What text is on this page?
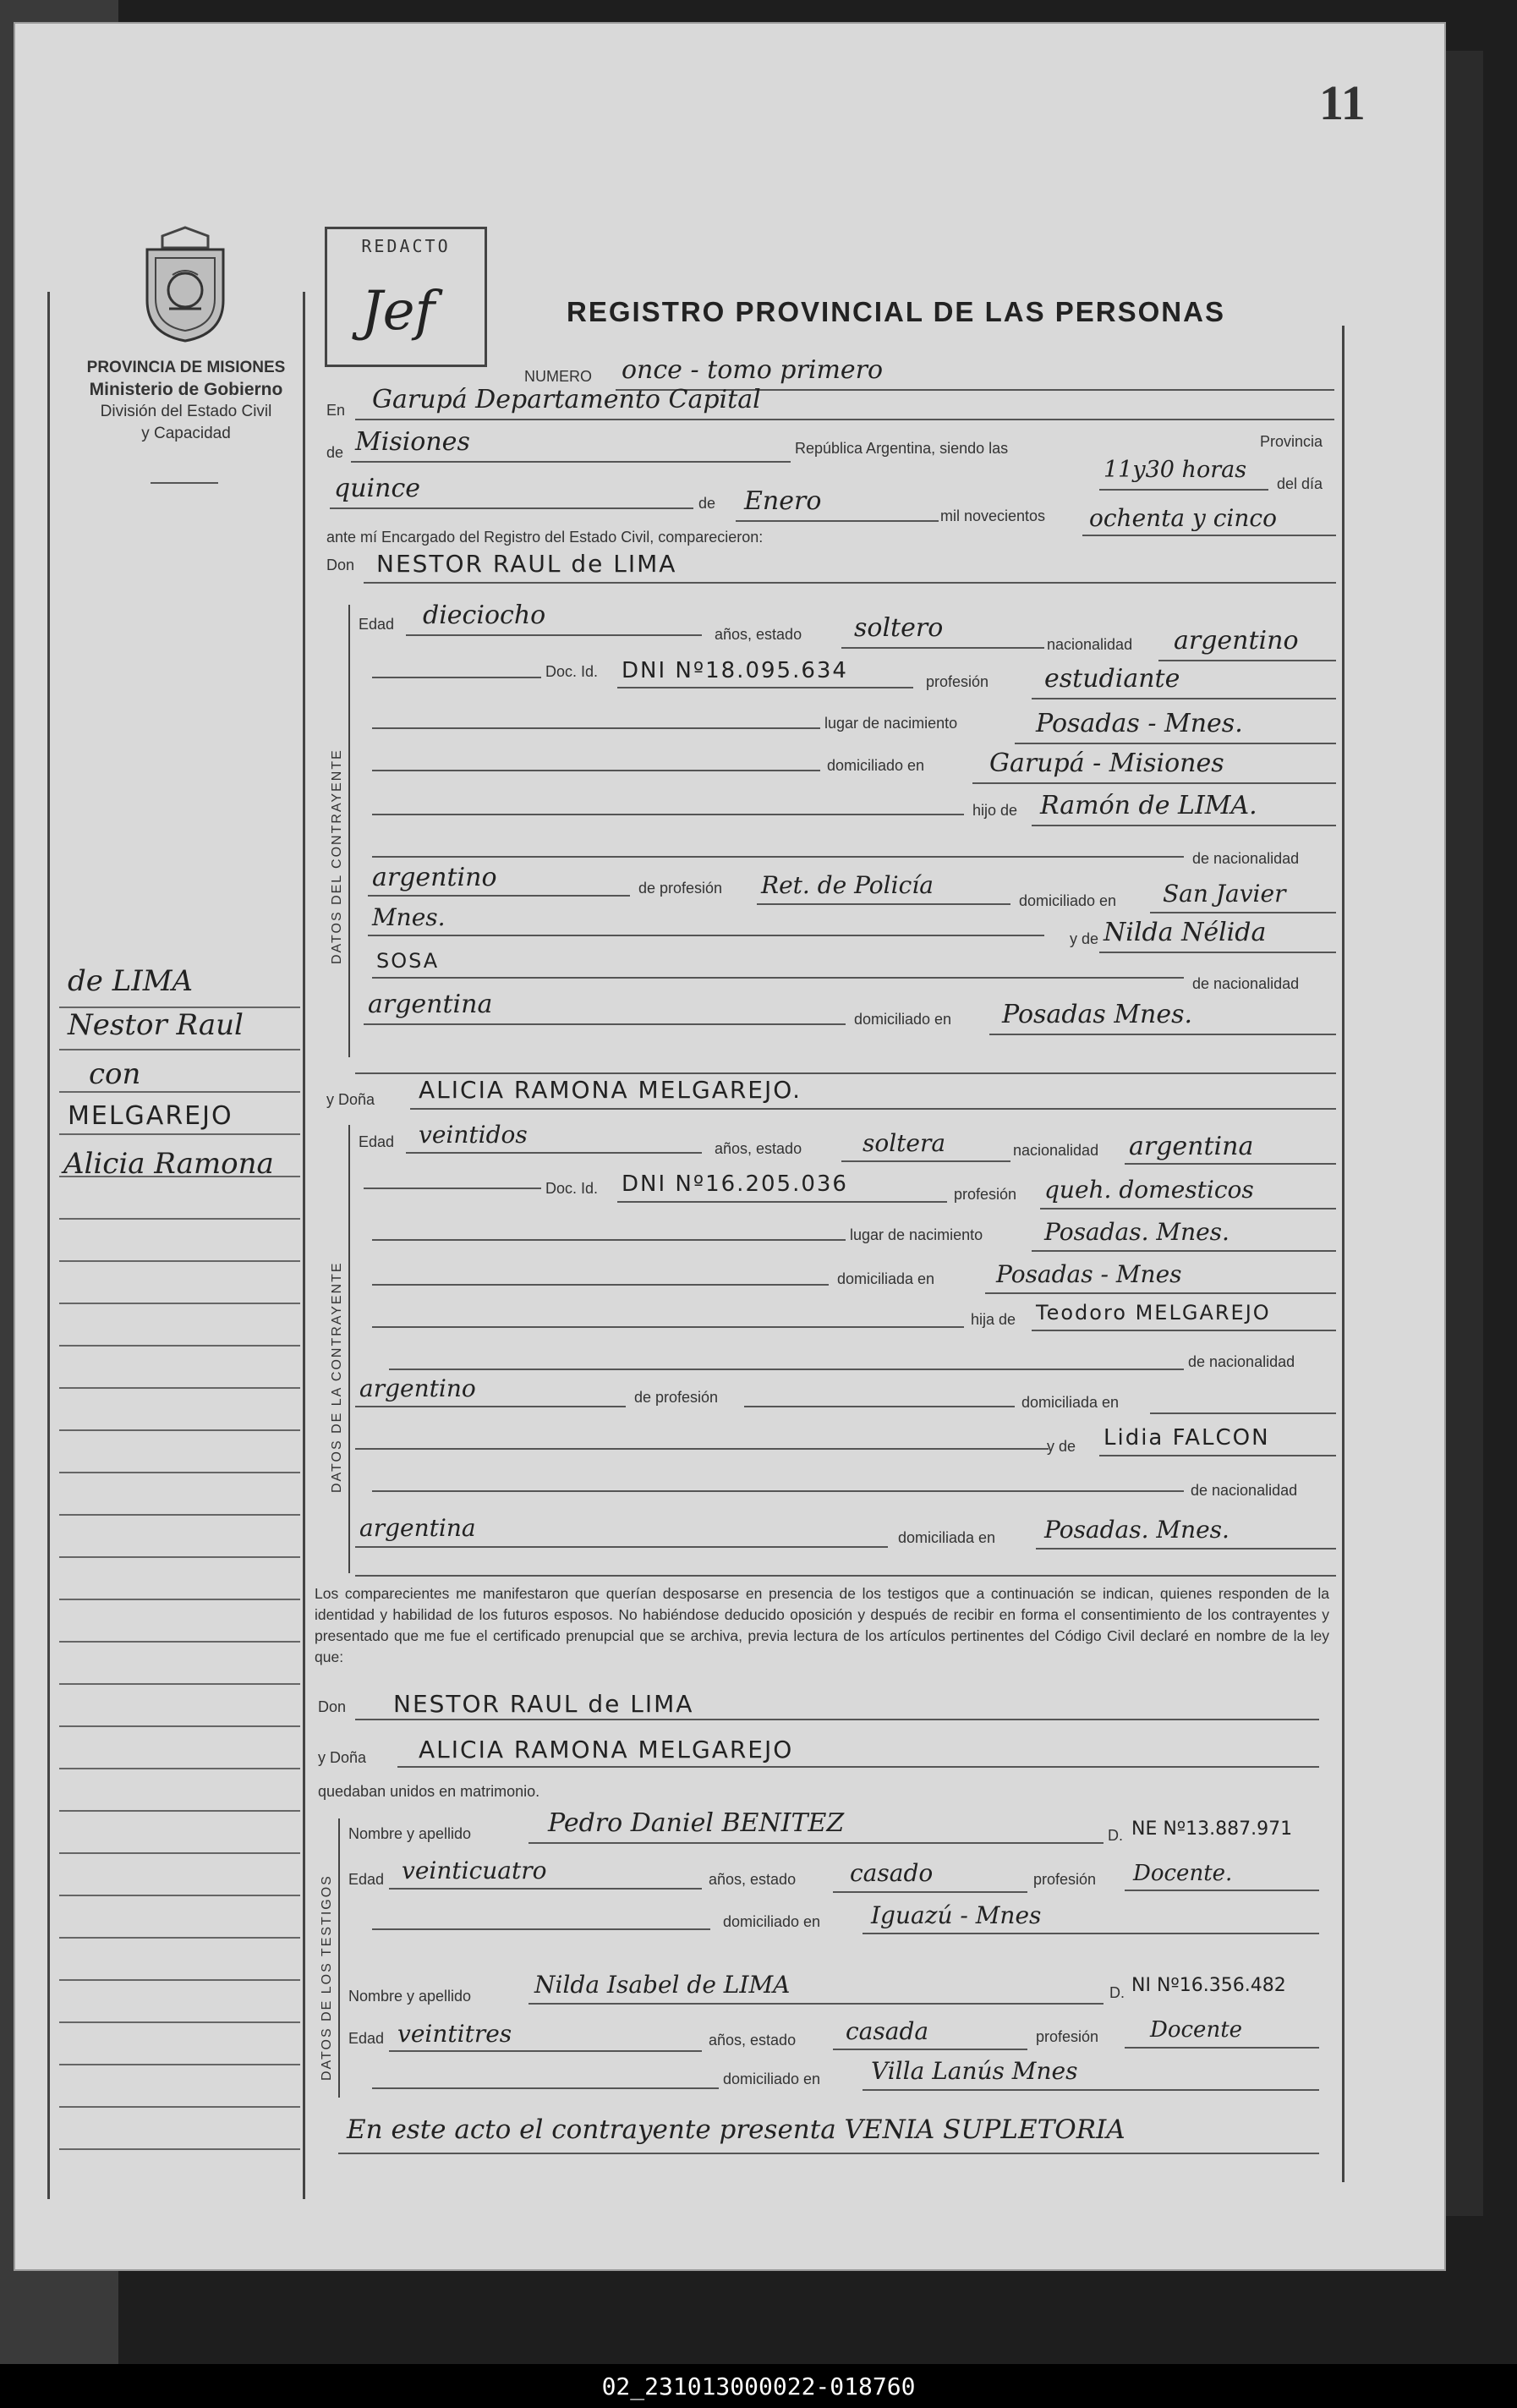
11
PROVINCIA DE MISIONES
Ministerio de Gobierno
División del Estado Civil
y Capacidad
REDACTO
Jef	REGISTRO PROVINCIAL DE LAS PERSONAS
NUMERO once - tomo primero
En Garupá Departamento Capital
de Misiones	República Argentina, siendo las
11y30 horas
Provincia
del día
quince	de Enero	mil novecientos ochenta y cinco
ante mí Encargado del Registro del Estado Civil, comparecieron:
Don NESTOR RAUL de LIMA
DATOS DEL CONTRAYENTE
Edad dieciocho
años, estado soltero
nacionalidad argentino
Doc. Id. DNI Nº18.095.634	profesión estudiante
lugar de nacimiento	Posadas - Mnes.
domiciliado en	Garupá - Misiones
hijo de Ramón de LIMA.
de nacionalidad
argentino	de profesión Ret. de Policía
domiciliado en San Javier
Mnes.
y de Nilda Nélida
SOSA
de nacionalidad
argentina	domiciliado en Posadas Mnes.
y Doña ALICIA RAMONA MELGAREJO.
DATOS DE LA CONTRAYENTE
Edad veintidos	años, estado	soltera	nacionalidad argentina
Doc. Id. DNI Nº16.205.036	profesión queh. domesticos
lugar de nacimiento	Posadas. Mnes.
domiciliada en	Posadas - Mnes
hija de Teodoro MELGAREJO
de nacionalidad
argentino	de profesión	domiciliada en
y de Lidia FALCON
de nacionalidad
argentina	domiciliada en Posadas. Mnes.
Los comparecientes me manifestaron que querían desposarse en presencia de los testigos que a continuación se indican, quienes responden de la identidad y habilidad de los futuros esposos. No habiéndose deducido oposición y después de recibir en forma el consentimiento de los contrayentes y presentado que me fue el certificado prenupcial que se archiva, previa lectura de los artículos pertinentes del Código Civil declaré en nombre de la ley que:
Don NESTOR RAUL de LIMA
y Doña ALICIA RAMONA MELGAREJO
quedaban unidos en matrimonio.
DATOS DE LOS TESTIGOS
Nombre y apellido	Pedro Daniel BENITEZ	D. NE Nº13.887.971
Edad veinticuatro	años, estado casado	profesión Docente.
domiciliado en Iguazú - Mnes
Nombre y apellido	Nilda Isabel de LIMA	D. NI Nº16.356.482
Edad veintitres	años, estado casada	profesión Docente
domiciliado en Villa Lanús Mnes
En este acto el contrayente presenta VENIA SUPLETORIA
de LIMA
Nestor Raul
con
MELGAREJO
Alicia Ramona
02_231013000022-018760
